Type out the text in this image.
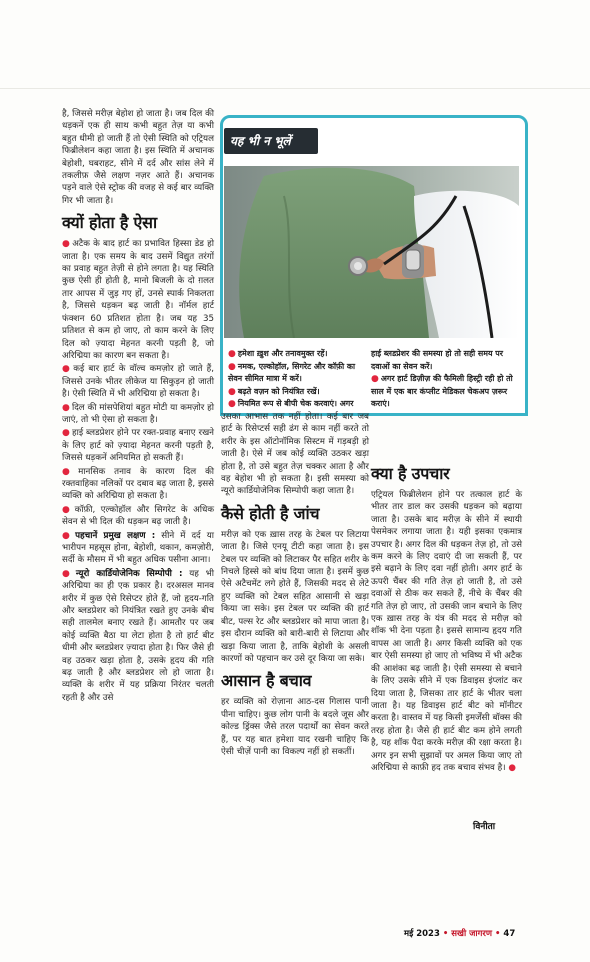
है, जिससे मरीज़ बेहोश हो जाता है। जब दिल की धड़कनें एक ही साथ कभी बहुत तेज़ या कभी बहुत धीमी हो जाती हैं तो ऐसी स्थिति को एट्रियल फिब्रीलेशन कहा जाता है। इस स्थिति में अचानक बेहोशी, घबराहट, सीने में दर्द और सांस लेने में तकलीफ़ जैसे लक्षण नज़र आते हैं। अचानक पड़ने वाले ऐसे स्ट्रोक की वजह से कई बार व्यक्ति गिर भी जाता है।

क्यों होता है ऐसा

● अटैक के बाद हार्ट का प्रभावित हिस्सा डेड हो जाता है। एक समय के बाद उसमें विद्युत तरंगों का प्रवाह बहुत तेज़ी से होने लगता है। यह स्थिति कुछ ऐसी ही होती है, मानो बिजली के दो ग़लत तार आपस में जुड़ गए हों, उनसे स्पार्क निकलता है, जिससे धड़कन बढ़ जाती है। नॉर्मल हार्ट फंक्शन 60 प्रतिशत होता है। जब यह 35 प्रतिशत से कम हो जाए, तो काम करने के लिए दिल को ज़्यादा मेहनत करनी पड़ती है, जो अरिद्मिया का कारण बन सकता है।

● कई बार हार्ट के वॉल्व कमज़ोर हो जाते हैं, जिससे उनके भीतर लीकेज या सिकुड़न हो जाती है। ऐसी स्थिति में भी अरिद्मिया हो सकता है।

● दिल की मांसपेशियां बहुत मोटी या कमज़ोर हो जाएं, तो भी ऐसा हो सकता है।

● हाई ब्लडप्रेशर होने पर रक्त-प्रवाह बनाए रखने के लिए हार्ट को ज़्यादा मेहनत करनी पड़ती है, जिससे धड़कनें अनियमित हो सकती हैं।

● मानसिक तनाव के कारण दिल की रक्तवाहिका नलिकों पर दबाव बढ़ जाता है, इससे व्यक्ति को अरिद्मिया हो सकता है।

● कॉफ़ी, एल्कोहॉल और सिगरेट के अधिक सेवन से भी दिल की धड़कन बढ़ जाती है।

● पहचानें प्रमुख लक्षण : सीने में दर्द या भारीपन महसूस होना, बेहोशी, थकान, कमज़ोरी, सर्दी के मौसम में भी बहुत अधिक पसीना आना।

● न्यूरो कार्डियोजेनिक सिम्पोपी : यह भी अरिद्मिया का ही एक प्रकार है। दरअसल मानव शरीर में कुछ ऐसे रिसेप्टर होते हैं, जो हृदय-गति और ब्लडप्रेशर को नियंत्रित रखते हुए उनके बीच सही तालमेल बनाए रखते हैं। आमतौर पर जब कोई व्यक्ति बैठा या लेटा होता है तो हार्ट बीट धीमी और ब्लडप्रेशर ज़्यादा होता है। फिर जैसे ही वह उठकर खड़ा होता है, उसके हृदय की गति बढ़ जाती है और ब्लडप्रेशर लो हो जाता है। व्यक्ति के शरीर में यह प्रक्रिया निरंतर चलती रहती है और उसे

यह भी न भूलें

● हमेशा ख़ुश और तनावमुक्त रहें।

● नमक, एल्कोहॉल, सिगरेट और कॉफ़ी का सेवन सीमित मात्रा में करें।

● बढ़ते वज़न को नियंत्रित रखें।

● नियमित रूप से बीपी चेक करवाएं। अगर

हाई ब्लडप्रेशर की समस्या हो तो सही समय पर दवाओं का सेवन करें।

● अगर हार्ट डिज़ीज़ की फैमिली हिस्ट्री रही हो तो साल में एक बार कंप्लीट मेडिकल चेकअप ज़रूर कराएं।

उसका आभास तक नहीं होता। कई बार जब हार्ट के रिसेप्टर्स सही ढंग से काम नहीं करते तो शरीर के इस ऑटोनॉमिक सिस्टम में गड़बड़ी हो जाती है। ऐसे में जब कोई व्यक्ति उठकर खड़ा होता है, तो उसे बहुत तेज़ चक्कर आता है और वह बेहोश भी हो सकता है। इसी समस्या को न्यूरो कार्डियोजेनिक सिम्पोपी कहा जाता है।

कैसे होती है जांच

मरीज़ को एक ख़ास तरह के टेबल पर लिटाया जाता है। जिसे एनयू टीटी कहा जाता है। इस टेबल पर व्यक्ति को लिटाकर पैर सहित शरीर के निचले हिस्से को बांध दिया जाता है। इसमें कुछ ऐसे अटैचमेंट लगे होते हैं, जिसकी मदद से लेटे हुए व्यक्ति को टेबल सहित आसानी से खड़ा किया जा सके। इस टेबल पर व्यक्ति की हार्ट बीट, पल्स रेट और ब्लडप्रेशर को मापा जाता है। इस दौरान व्यक्ति को बारी-बारी से लिटाया और खड़ा किया जाता है, ताकि बेहोशी के असली कारणों को पहचान कर उसे दूर किया जा सके।

आसान है बचाव

हर व्यक्ति को रोज़ाना आठ-दस गिलास पानी पीना चाहिए। कुछ लोग पानी के बदले जूस और कोल्ड ड्रिंक्स जैसे तरल पदार्थों का सेवन करते हैं, पर यह बात हमेशा याद रखनी चाहिए कि ऐसी चीज़ें पानी का विकल्प नहीं हो सकतीं।

क्या है उपचार

एट्रियल फिब्रीलेशन होने पर तत्काल हार्ट के भीतर तार डाल कर उसकी धड़कन को बढ़ाया जाता है। उसके बाद मरीज़ के सीने में स्थायी पेसमेकर लगाया जाता है। यही इसका एकमात्र उपचार है। अगर दिल की धड़कन तेज़ हो, तो उसे कम करने के लिए दवाएं दी जा सकती हैं, पर इसे बढ़ाने के लिए दवा नहीं होती। अगर हार्ट के ऊपरी चैंबर की गति तेज़ हो जाती है, तो उसे दवाओं से ठीक कर सकते हैं, नीचे के चैंबर की गति तेज़ हो जाए, तो उसकी जान बचाने के लिए एक ख़ास तरह के यंत्र की मदद से मरीज़ को शॉक भी देना पड़ता है। इससे सामान्य हृदय गति वापस आ जाती है। अगर किसी व्यक्ति को एक बार ऐसी समस्या हो जाए तो भविष्य में भी अटैक की आशंका बढ़ जाती है। ऐसी समस्या से बचाने के लिए उसके सीने में एक डिवाइस इंप्लांट कर दिया जाता है, जिसका तार हार्ट के भीतर चला जाता है। यह डिवाइस हार्ट बीट को मॉनीटर करता है। वास्तव में यह किसी इमर्जेंसी बॉक्स की तरह होता है। जैसे ही हार्ट बीट कम होने लगती है, यह शॉक पैदा करके मरीज़ की रक्षा करता है। अगर इन सभी सुझावों पर अमल किया जाए तो अरिद्मिया से काफ़ी हद तक बचाव संभव है। ●

विनीता
मई 2023 • सखी जागरण • 47
